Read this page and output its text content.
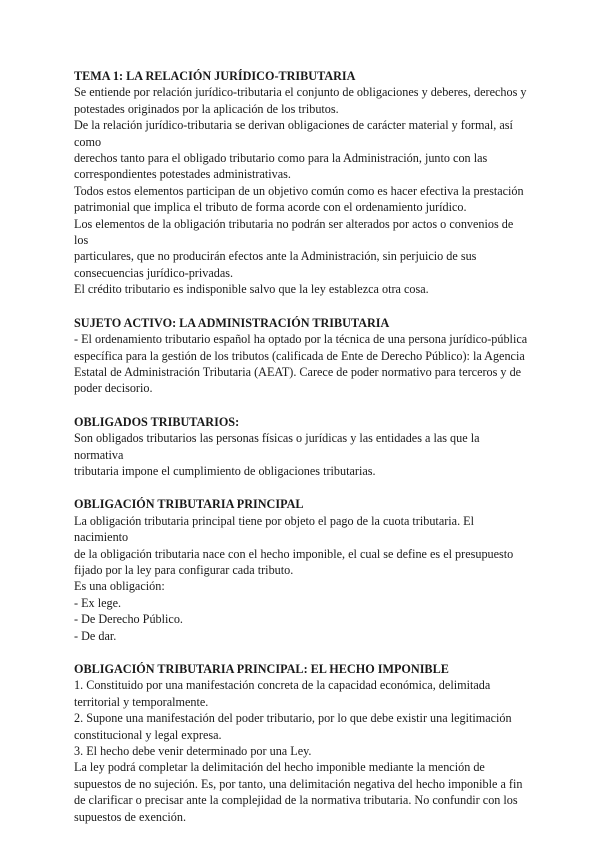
TEMA 1: LA RELACIÓN JURÍDICO-TRIBUTARIA

Se entiende por relación jurídico-tributaria el conjunto de obligaciones y deberes, derechos y
potestades originados por la aplicación de los tributos.
De la relación jurídico-tributaria se derivan obligaciones de carácter material y formal, así
como
derechos tanto para el obligado tributario como para la Administración, junto con las
correspondientes potestades administrativas.
Todos estos elementos participan de un objetivo común como es hacer efectiva la prestación
patrimonial que implica el tributo de forma acorde con el ordenamiento jurídico.
Los elementos de la obligación tributaria no podrán ser alterados por actos o convenios de los
particulares, que no producirán efectos ante la Administración, sin perjuicio de sus
consecuencias jurídico-privadas.
El crédito tributario es indisponible salvo que la ley establezca otra cosa.

SUJETO ACTIVO: LA ADMINISTRACIÓN TRIBUTARIA

- El ordenamiento tributario español ha optado por la técnica de una persona jurídico-pública
específica para la gestión de los tributos (calificada de Ente de Derecho Público): la Agencia
Estatal de Administración Tributaria (AEAT). Carece de poder normativo para terceros y de
poder decisorio.

OBLIGADOS TRIBUTARIOS:

Son obligados tributarios las personas físicas o jurídicas y las entidades a las que la normativa
tributaria impone el cumplimiento de obligaciones tributarias.

OBLIGACIÓN TRIBUTARIA PRINCIPAL

La obligación tributaria principal tiene por objeto el pago de la cuota tributaria. El nacimiento
de la obligación tributaria nace con el hecho imponible, el cual se define es el presupuesto
fijado por la ley para configurar cada tributo.
Es una obligación:
- Ex lege.
- De Derecho Público.
- De dar.

OBLIGACIÓN TRIBUTARIA PRINCIPAL: EL HECHO IMPONIBLE

1. Constituido por una manifestación concreta de la capacidad económica, delimitada
territorial y temporalmente.
2. Supone una manifestación del poder tributario, por lo que debe existir una legitimación
constitucional y legal expresa.
3. El hecho debe venir determinado por una Ley.
La ley podrá completar la delimitación del hecho imponible mediante la mención de
supuestos de no sujeción. Es, por tanto, una delimitación negativa del hecho imponible a fin
de clarificar o precisar ante la complejidad de la normativa tributaria. No confundir con los
supuestos de exención.
